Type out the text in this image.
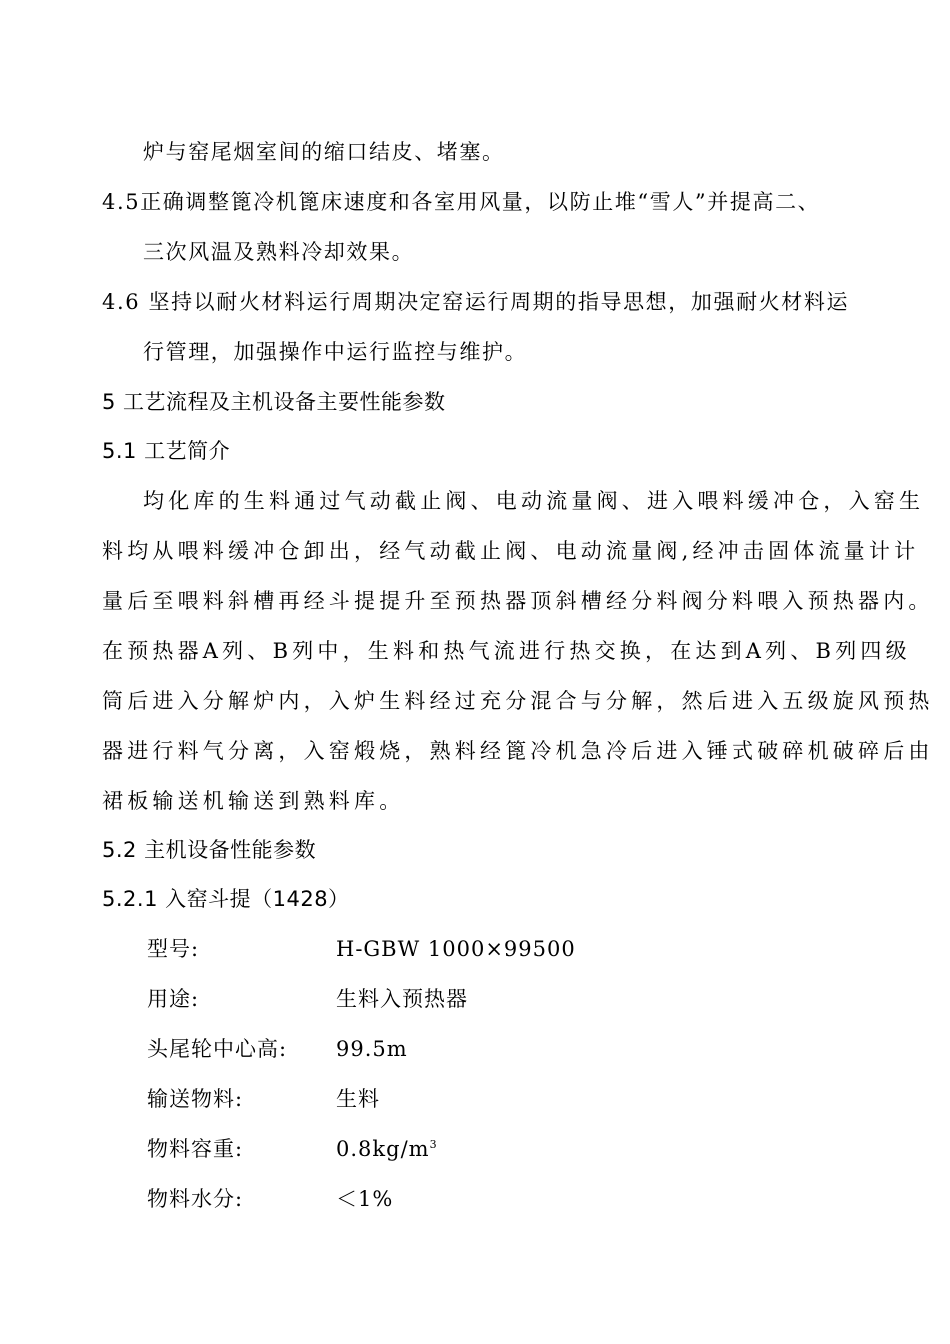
炉与窑尾烟室间的缩口结皮、堵塞。
4.5正确调整篦冷机篦床速度和各室用风量，以防止堆“雪人”并提高二、
三次风温及熟料冷却效果。
4.6 坚持以耐火材料运行周期决定窑运行周期的指导思想，加强耐火材料运
行管理，加强操作中运行监控与维护。
5 工艺流程及主机设备主要性能参数
5.1 工艺简介
均化库的生料通过气动截止阀、电动流量阀、进入喂料缓冲仓，入窑生
料均从喂料缓冲仓卸出，经气动截止阀、电动流量阀,经冲击固体流量计计
量后至喂料斜槽再经斗提提升至预热器顶斜槽经分料阀分料喂入预热器内。
在预热器A列、B列中，生料和热气流进行热交换，在达到A列、B列四级
筒后进入分解炉内，入炉生料经过充分混合与分解，然后进入五级旋风预热
器进行料气分离，入窑煅烧，熟料经篦冷机急冷后进入锤式破碎机破碎后由
裙板输送机输送到熟料库。
5.2 主机设备性能参数
5.2.1 入窑斗提（1428）
型号:	H-GBW 1000×99500
用途:	生料入预热器
头尾轮中心高: 99.5m
输送物料:	生料
物料容重:	$0.8kg/m^3$
物料水分:	＜1%
